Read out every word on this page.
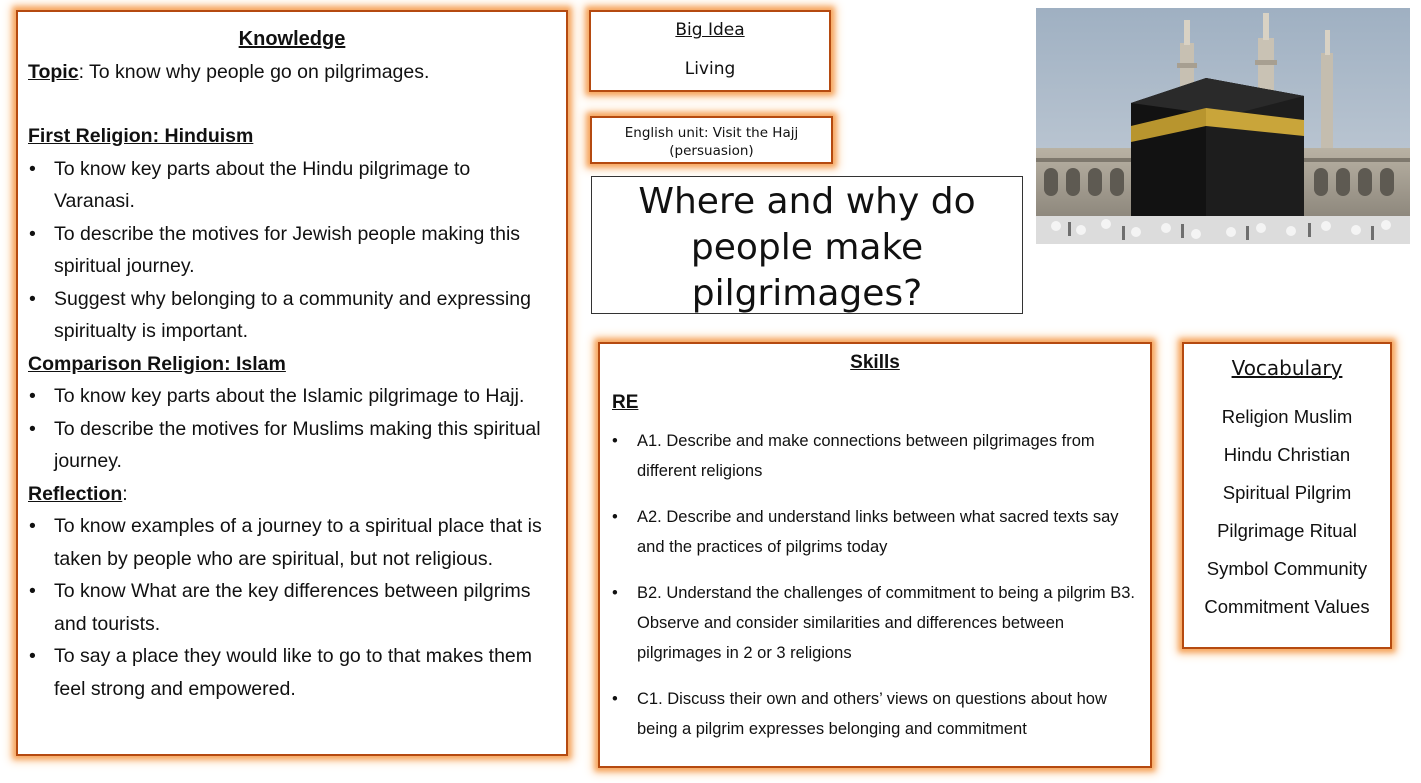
Knowledge
Topic: To know why people go on pilgrimages.
First Religion: Hinduism
• To know key parts about the Hindu pilgrimage to Varanasi.
• To describe the motives for Jewish people making this spiritual journey.
• Suggest why belonging to a community and expressing spiritualty is important.
Comparison Religion: Islam
• To know key parts about the Islamic pilgrimage to Hajj.
• To describe the motives for Muslims making this spiritual journey.
Reflection:
• To know examples of a journey to a spiritual place that is taken by people who are spiritual, but not religious.
• To know What are the key differences between pilgrims and tourists.
• To say a place they would like to go to that makes them feel strong and empowered.
Big Idea
Living
English unit: Visit the Hajj
(persuasion)
Where and why do
people make
pilgrimages?
Skills
RE
• A1. Describe and make connections between pilgrimages from different religions
• A2. Describe and understand links between what sacred texts say and the practices of pilgrims today
• B2. Understand the challenges of commitment to being a pilgrim B3. Observe and consider similarities and differences between pilgrimages in 2 or 3 religions
• C1. Discuss their own and others’ views on questions about how being a pilgrim expresses belonging and commitment
Vocabulary
Religion Muslim
Hindu Christian
Spiritual Pilgrim
Pilgrimage Ritual
Symbol Community
Commitment Values
